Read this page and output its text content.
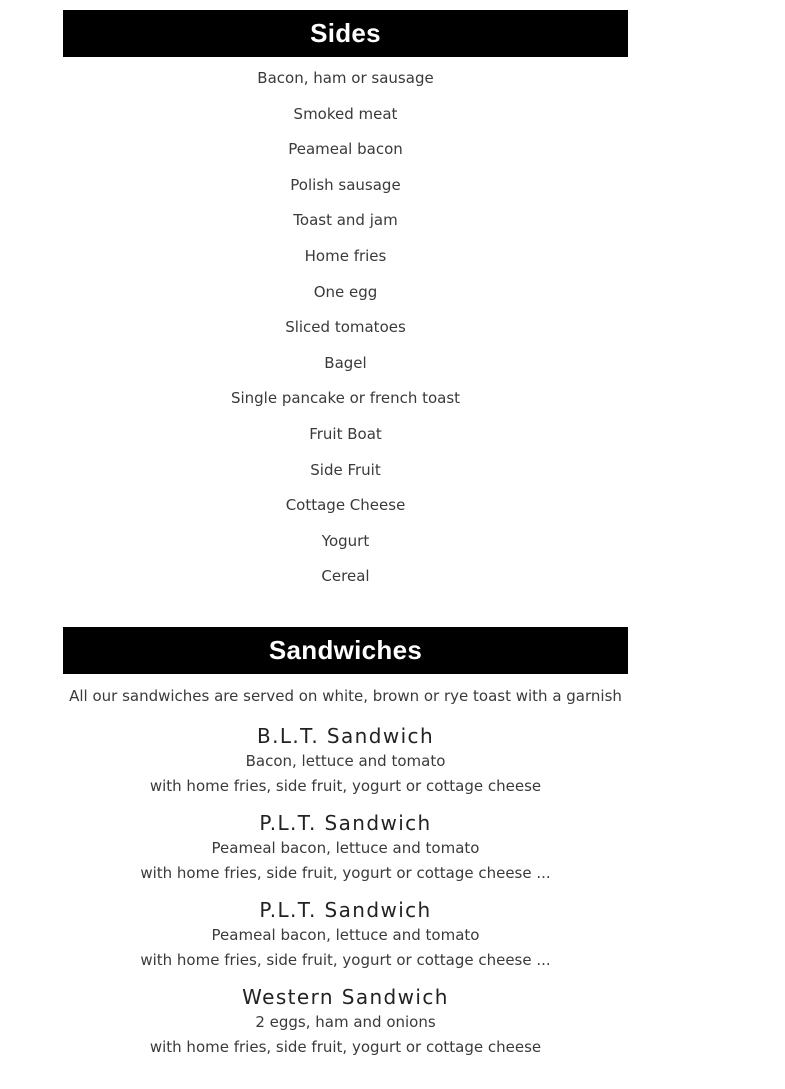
Sides
Bacon, ham or sausage
Smoked meat
Peameal bacon
Polish sausage
Toast and jam
Home fries
One egg
Sliced tomatoes
Bagel
Single pancake or french toast
Fruit Boat
Side Fruit
Cottage Cheese
Yogurt
Cereal
Sandwiches
All our sandwiches are served on white, brown or rye toast with a garnish
B.L.T. Sandwich
Bacon, lettuce and tomato
with home fries, side fruit, yogurt or cottage cheese
P.L.T. Sandwich
Peameal bacon, lettuce and tomato
with home fries, side fruit, yogurt or cottage cheese ...
P.L.T. Sandwich
Peameal bacon, lettuce and tomato
with home fries, side fruit, yogurt or cottage cheese ...
Western Sandwich
2 eggs, ham and onions
with home fries, side fruit, yogurt or cottage cheese
